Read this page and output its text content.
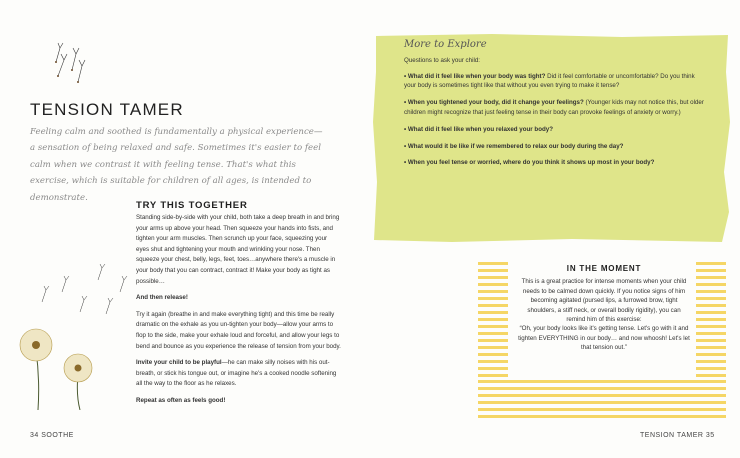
TENSION TAMER
Feeling calm and soothed is fundamentally a physical experience— a sensation of being relaxed and safe. Sometimes it's easier to feel calm when we contrast it with feeling tense. That's what this exercise, which is suitable for children of all ages, is intended to demonstrate.
TRY THIS TOGETHER

Standing side-by-side with your child, both take a deep breath in and bring your arms up above your head. Then squeeze your hands into fists, and tighten your arm muscles. Then scrunch up your face, squeezing your eyes shut and tightening your mouth and wrinkling your nose. Then squeeze your chest, belly, legs, feet, toes…anywhere there's a muscle in your body that you can contract, contract it! Make your body as tight as possible…

And then release!

Try it again (breathe in and make everything tight) and this time be really dramatic on the exhale as you un-tighten your body—allow your arms to flop to the side, make your exhale loud and forceful, and allow your legs to bend and bounce as you experience the release of tension from your body.

Invite your child to be playful—he can make silly noises with his out-breath, or stick his tongue out, or imagine he's a cooked noodle softening all the way to the floor as he relaxes.

Repeat as often as feels good!

34 SOOTHE
More to Explore
Questions to ask your child:
• What did it feel like when your body was tight? Did it feel comfortable or uncomfortable? Do you think your body is sometimes tight like that without you even trying to make it tense?
• When you tightened your body, did it change your feelings? (Younger kids may not notice this, but older children might recognize that just feeling tense in their body can provoke feelings of anxiety or worry.)
• What did it feel like when you relaxed your body?
• What would it be like if we remembered to relax our body during the day?
• When you feel tense or worried, where do you think it shows up most in your body?
IN THE MOMENT
This is a great practice for intense moments when your child needs to be calmed down quickly. If you notice signs of him becoming agitated (pursed lips, a furrowed brow, tight shoulders, a stiff neck, or overall bodily rigidity), you can remind him of this exercise:
“Oh, your body looks like it's getting tense. Let's go with it and tighten EVERYTHING in our body… and now whoosh! Let's let that tension out.”
TENSION TAMER 35
